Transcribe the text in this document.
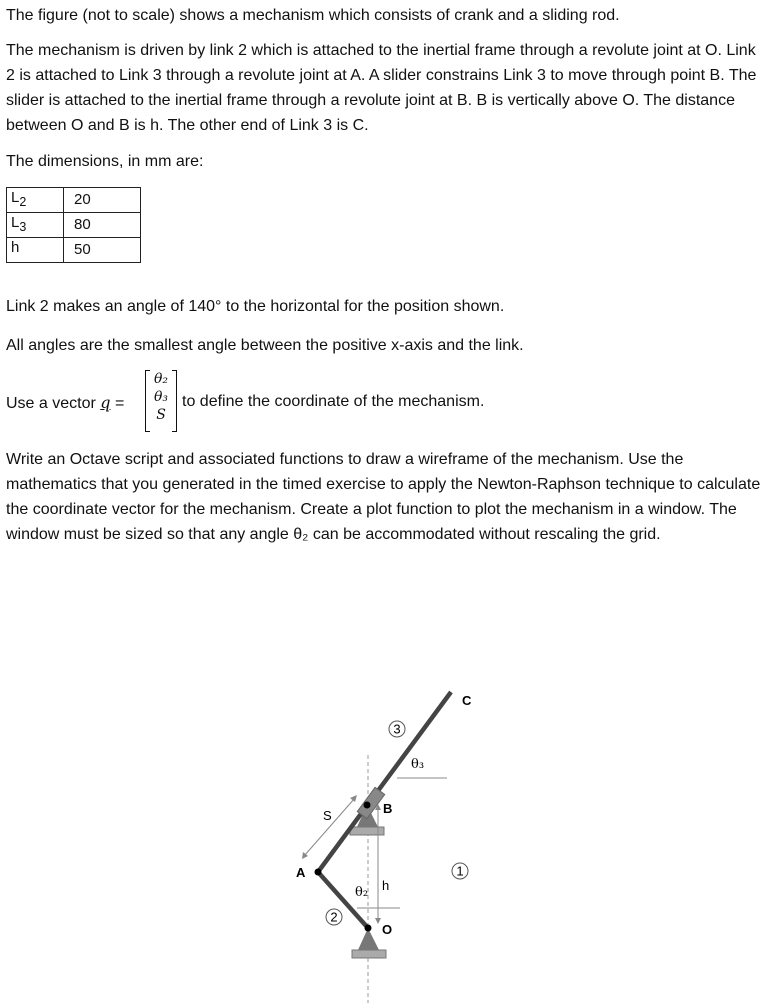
The figure (not to scale) shows a mechanism which consists of crank and a sliding rod.

The mechanism is driven by link 2 which is attached to the inertial frame through a revolute joint at O. Link 2 is attached to Link 3 through a revolute joint at A. A slider constrains Link 3 to move through point B. The slider is attached to the inertial frame through a revolute joint at B. B is vertically above O. The distance between O and B is h. The other end of Link 3 is C.

The dimensions, in mm are:

$L_2$	20
$L_3$	80
h	50

Link 2 makes an angle of 140° to the horizontal for the position shown.

All angles are the smallest angle between the positive x-axis and the link.

Use a vector q =
θ₂
θ₃
S
to define the coordinate of the mechanism.

Write an Octave script and associated functions to draw a wireframe of the mechanism. Use the mathematics that you generated in the timed exercise to apply the Newton-Raphson technique to calculate the coordinate vector for the mechanism. Create a plot function to plot the mechanism in a window. The window must be sized so that any angle θ₂ can be accommodated without rescaling the grid.

C
B
A
O
S
h
θ₃
θ₂
3
1
2
